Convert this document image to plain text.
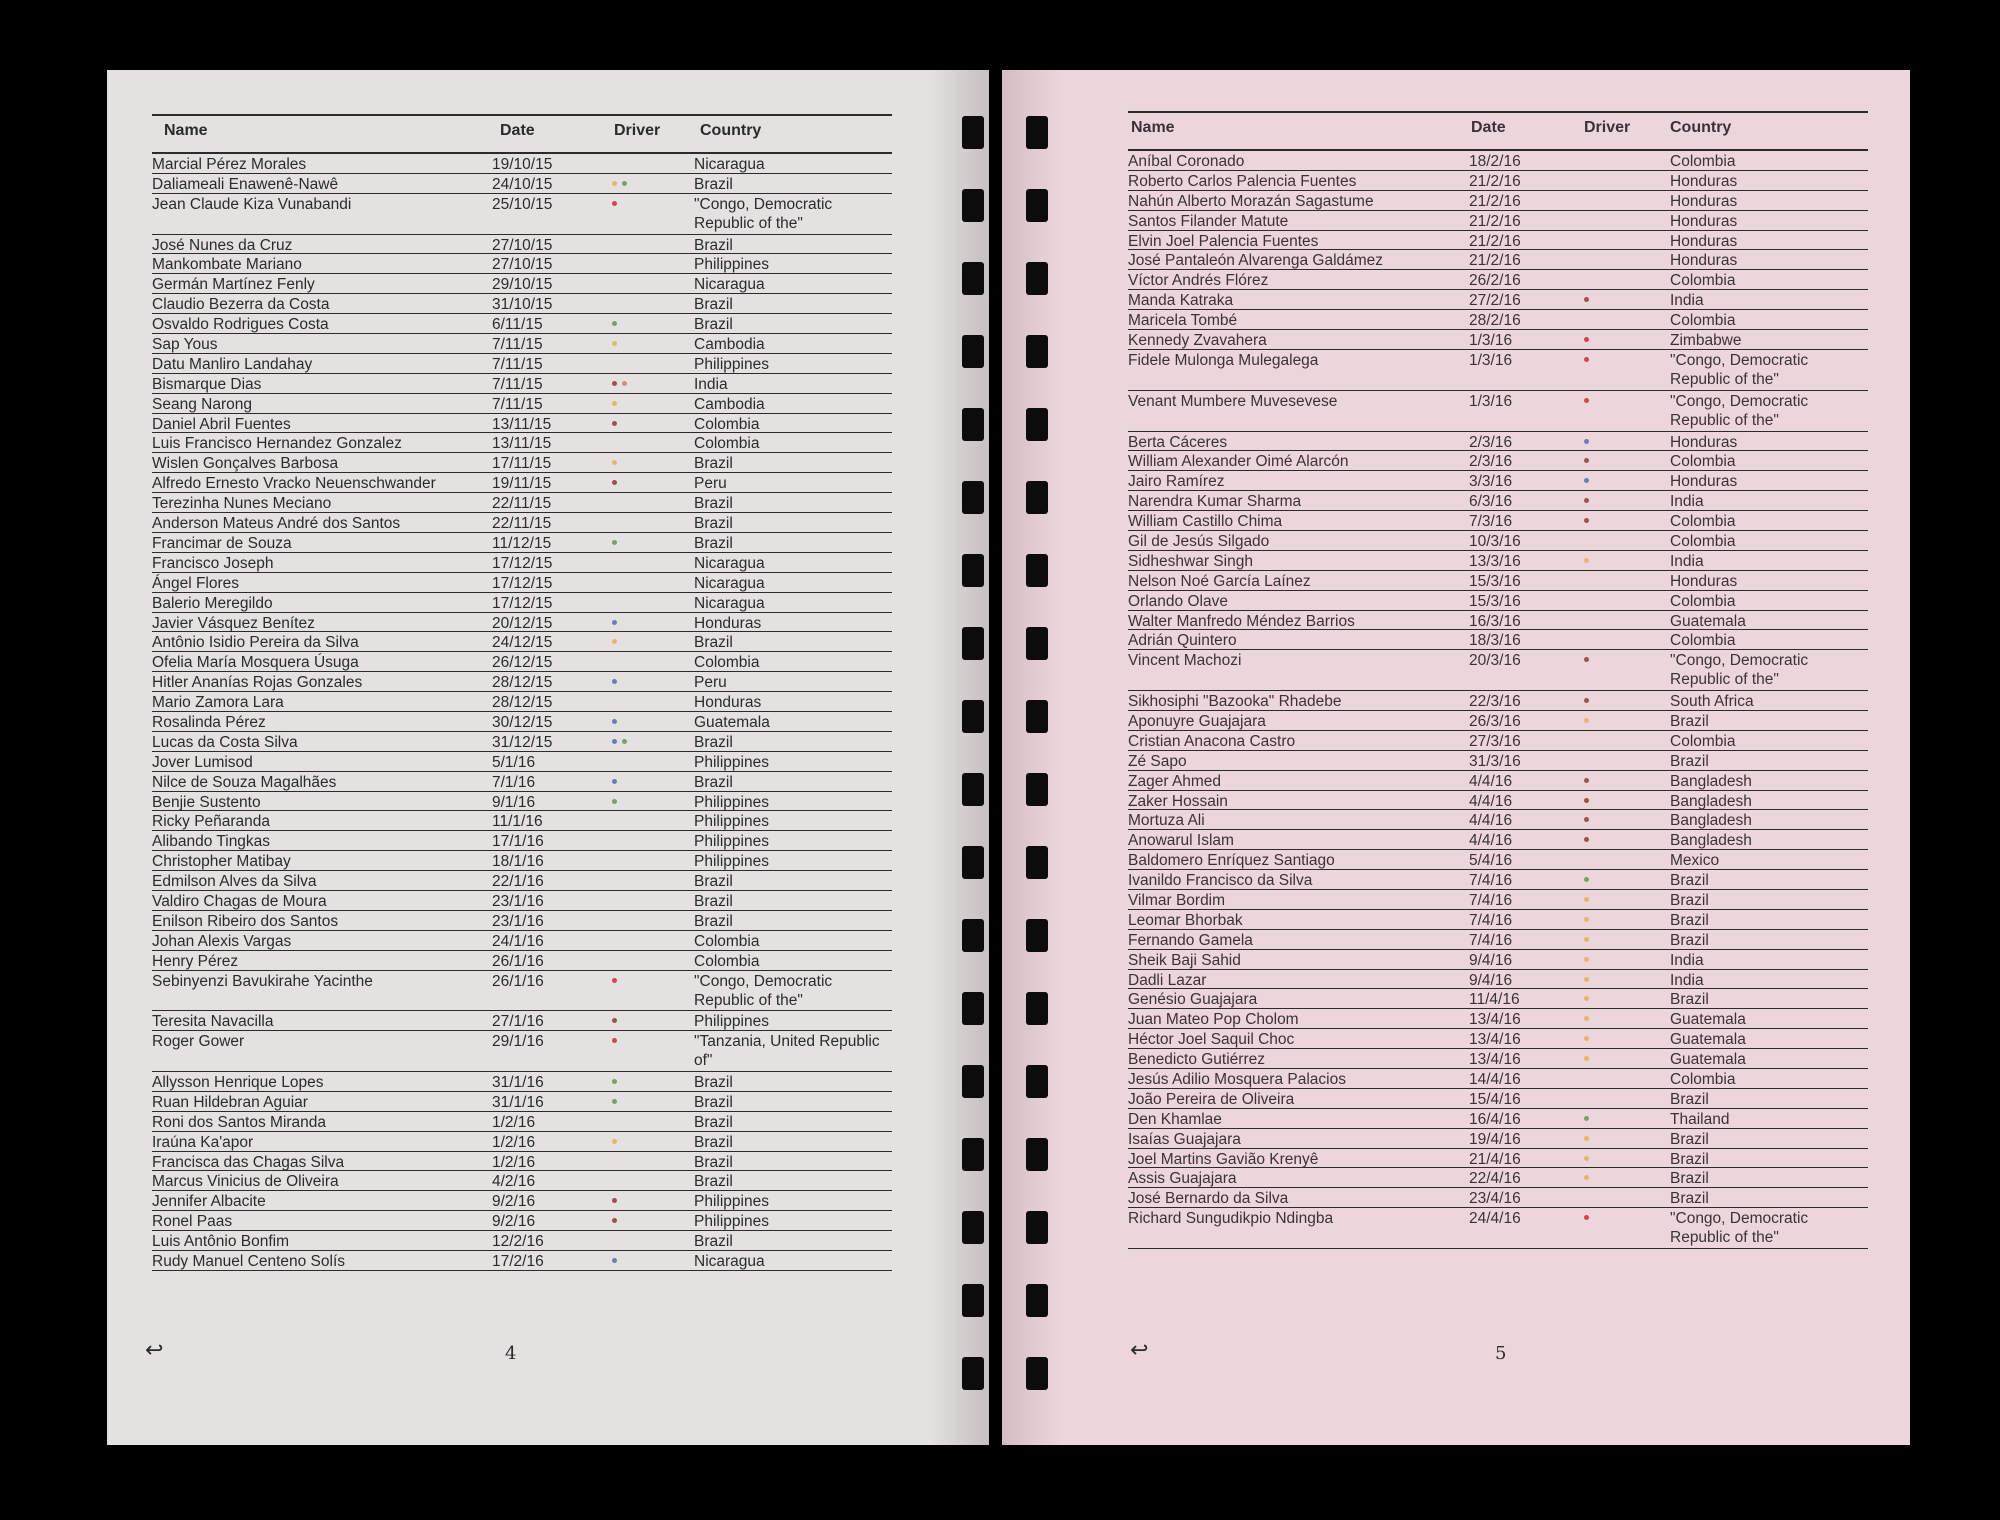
Name	Date	Driver Country
Marcial Pérez Morales	19/10/15	Nicaragua
Daliameali Enawenê-Nawê	24/10/15	Brazil
Jean Claude Kiza Vunabandi	25/10/15	"Congo, Democratic Republic of the"
José Nunes da Cruz	27/10/15	Brazil
Mankombate Mariano	27/10/15	Philippines
Germán Martínez Fenly	29/10/15	Nicaragua
Claudio Bezerra da Costa	31/10/15	Brazil
Osvaldo Rodrigues Costa	6/11/15	Brazil
Sap Yous	7/11/15	Cambodia
Datu Manliro Landahay	7/11/15	Philippines
Bismarque Dias	7/11/15	India
Seang Narong	7/11/15	Cambodia
Daniel Abril Fuentes	13/11/15	Colombia
Luis Francisco Hernandez Gonzalez	13/11/15	Colombia
Wislen Gonçalves Barbosa	17/11/15	Brazil
Alfredo Ernesto Vracko Neuenschwander	19/11/15	Peru
Terezinha Nunes Meciano	22/11/15	Brazil
Anderson Mateus André dos Santos	22/11/15	Brazil
Francimar de Souza	11/12/15	Brazil
Francisco Joseph	17/12/15	Nicaragua
Ángel Flores	17/12/15	Nicaragua
Balerio Meregildo	17/12/15	Nicaragua
Javier Vásquez Benítez	20/12/15	Honduras
Antônio Isidio Pereira da Silva	24/12/15	Brazil
Ofelia María Mosquera Úsuga	26/12/15	Colombia
Hitler Ananías Rojas Gonzales	28/12/15	Peru
Mario Zamora Lara	28/12/15	Honduras
Rosalinda Pérez	30/12/15	Guatemala
Lucas da Costa Silva	31/12/15	Brazil
Jover Lumisod	5/1/16	Philippines
Nilce de Souza Magalhães	7/1/16	Brazil
Benjie Sustento	9/1/16	Philippines
Ricky Peñaranda	11/1/16	Philippines
Alibando Tingkas	17/1/16	Philippines
Christopher Matibay	18/1/16	Philippines
Edmilson Alves da Silva	22/1/16	Brazil
Valdiro Chagas de Moura	23/1/16	Brazil
Enilson Ribeiro dos Santos	23/1/16	Brazil
Johan Alexis Vargas	24/1/16	Colombia
Henry Pérez	26/1/16	Colombia
Sebinyenzi Bavukirahe Yacinthe	26/1/16	"Congo, Democratic Republic of the"
Teresita Navacilla	27/1/16	Philippines
Roger Gower	29/1/16	"Tanzania, United Republic of"
Allysson Henrique Lopes	31/1/16	Brazil
Ruan Hildebran Aguiar	31/1/16	Brazil
Roni dos Santos Miranda	1/2/16	Brazil
Iraúna Ka'apor	1/2/16	Brazil
Francisca das Chagas Silva	1/2/16	Brazil
Marcus Vinicius de Oliveira	4/2/16	Brazil
Jennifer Albacite	9/2/16	Philippines
Ronel Paas	9/2/16	Philippines
Luis Antônio Bonfim	12/2/16	Brazil
Rudy Manuel Centeno Solís	17/2/16	Nicaragua
↩	4
Name	Date	Driver Country
Aníbal Coronado	18/2/16	Colombia
Roberto Carlos Palencia Fuentes	21/2/16	Honduras
Nahún Alberto Morazán Sagastume	21/2/16	Honduras
Santos Filander Matute	21/2/16	Honduras
Elvin Joel Palencia Fuentes	21/2/16	Honduras
José Pantaleón Alvarenga Galdámez	21/2/16	Honduras
Víctor Andrés Flórez	26/2/16	Colombia
Manda Katraka	27/2/16	India
Maricela Tombé	28/2/16	Colombia
Kennedy Zvavahera	1/3/16	Zimbabwe
Fidele Mulonga Mulegalega	1/3/16	"Congo, Democratic Republic of the"
Venant Mumbere Muvesevese	1/3/16	"Congo, Democratic Republic of the"
Berta Cáceres	2/3/16	Honduras
William Alexander Oimé Alarcón	2/3/16	Colombia
Jairo Ramírez	3/3/16	Honduras
Narendra Kumar Sharma	6/3/16	India
William Castillo Chima	7/3/16	Colombia
Gil de Jesús Silgado	10/3/16	Colombia
Sidheshwar Singh	13/3/16	India
Nelson Noé García Laínez	15/3/16	Honduras
Orlando Olave	15/3/16	Colombia
Walter Manfredo Méndez Barrios	16/3/16	Guatemala
Adrián Quintero	18/3/16	Colombia
Vincent Machozi	20/3/16	"Congo, Democratic Republic of the"
Sikhosiphi "Bazooka" Rhadebe	22/3/16	South Africa
Aponuyre Guajajara	26/3/16	Brazil
Cristian Anacona Castro	27/3/16	Colombia
Zé Sapo	31/3/16	Brazil
Zager Ahmed	4/4/16	Bangladesh
Zaker Hossain	4/4/16	Bangladesh
Mortuza Ali	4/4/16	Bangladesh
Anowarul Islam	4/4/16	Bangladesh
Baldomero Enríquez Santiago	5/4/16	Mexico
Ivanildo Francisco da Silva	7/4/16	Brazil
Vilmar Bordim	7/4/16	Brazil
Leomar Bhorbak	7/4/16	Brazil
Fernando Gamela	7/4/16	Brazil
Sheik Baji Sahid	9/4/16	India
Dadli Lazar	9/4/16	India
Genésio Guajajara	11/4/16	Brazil
Juan Mateo Pop Cholom	13/4/16	Guatemala
Héctor Joel Saquil Choc	13/4/16	Guatemala
Benedicto Gutiérrez	13/4/16	Guatemala
Jesús Adilio Mosquera Palacios	14/4/16	Colombia
João Pereira de Oliveira	15/4/16	Brazil
Den Khamlae	16/4/16	Thailand
Isaías Guajajara	19/4/16	Brazil
Joel Martins Gavião Krenyê	21/4/16	Brazil
Assis Guajajara	22/4/16	Brazil
José Bernardo da Silva	23/4/16	Brazil
Richard Sungudikpio Ndingba	24/4/16	"Congo, Democratic Republic of the"
↩	5
